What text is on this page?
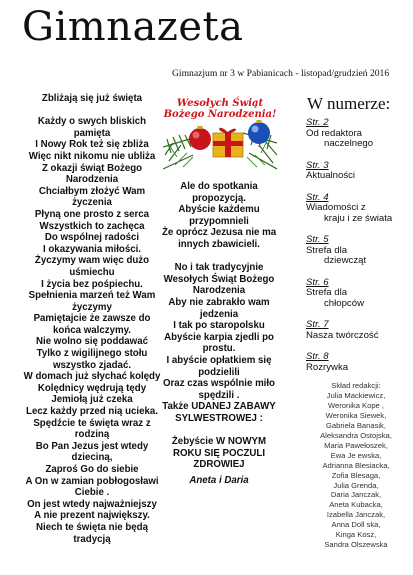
Gimnazeta
Gimnazjum nr 3 w Pabianicach - listopad/grudzień 2016
Zbliżają się już święta
Każdy o swych bliskich
pamięta
I Nowy Rok też się zbliża
Więc nikt nikomu nie ubliża
Z okazji świąt Bożego
Narodzenia
Chciałbym złożyć Wam
życzenia
Płyną one prosto z serca
Wszystkich to zachęca
Do wspólnej radości
I okazywania miłości.
Życzymy wam więc dużo
uśmiechu
I życia bez pośpiechu.
Spełnienia marzeń też Wam
życzymy
Pamiętajcie że zawsze do
końca walczymy.
Nie wolno się poddawać
Tylko z wigilijnego stołu
wszystko zjadać.
W domach już słychać kolędy
Kolędnicy wędrują tędy
Jemiołą już czeka
Lecz każdy przed nią ucieka.
Spędźcie te święta wraz z
rodziną
Bo Pan Jezus jest wtedy
dzieciną,
Zaproś Go do siebie
A On w zamian pobłogosławi
Ciebie .
On jest wtedy najważniejszy
A nie prezent największy.
Niech te święta nie będą
tradycją
Wesołych Świąt
Bożego Narodzenia!
Ale do spotkania
propozycją.
Abyście każdemu
przypomnieli
Że oprócz Jezusa nie ma
innych zbawicieli.
No i tak tradycyjnie
Wesołych Świąt Bożego
Narodzenia
Aby nie zabrakło wam
jedzenia
I tak po staropolsku
Abyście karpia zjedli po
prostu.
I abyście opłatkiem się
podzielili
Oraz czas wspólnie miło
spędzili .
Także UDANEJ ZABAWY
SYLWESTROWEJ :
Żebyście W NOWYM
ROKU SIĘ POCZULI
ZDROWIEJ
Aneta i Daria
W numerze:
Str. 2
Od redaktora
naczelnego
Str. 3
Aktualności
Str. 4
Wiadomości z
kraju i ze świata
Str. 5
Strefa dla
dziewcząt
Str. 6
Strefa dla
chłopców
Str. 7
Nasza twórczość
Str. 8
Rozrywka
Skład redakcji:
Julia Mackiewicz,
Weronika Kope ,
Weronika Siewek,
Gabriela Banasik,
Aleksandra Ostojska,
Maria Pawełoszek,
Ewa Je ewska,
Adrianna Blesiacka,
Zofia Blesaga,
Julia Grenda,
Daria Janczak,
Aneta Kubacka,
Izabella Janczak,
Anna Doll ska,
Kinga Kosz,
Sandra Olszewska
